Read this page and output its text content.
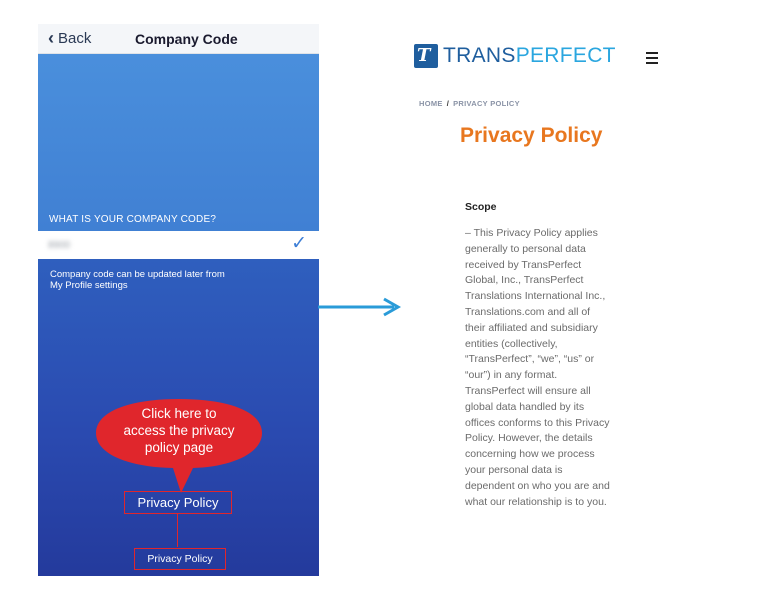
‹ Back	Company Code
WHAT IS YOUR COMPANY CODE?
8900	✓
Company code can be updated later from
My Profile settings
Privacy Policy
Privacy Policy
Click here to
access the privacy
policy page
T TRANS PERFECT
HOME / PRIVACY POLICY
Privacy Policy
Scope
– This Privacy Policy applies generally to personal data received by TransPerfect Global, Inc., TransPerfect Translations International Inc., Translations.com and all of their affiliated and subsidiary entities (collectively, “TransPerfect”, “we”, “us” or “our”) in any format. TransPerfect will ensure all global data handled by its offices conforms to this Privacy Policy. However, the details concerning how we process your personal data is dependent on who you are and what our relationship is to you.
